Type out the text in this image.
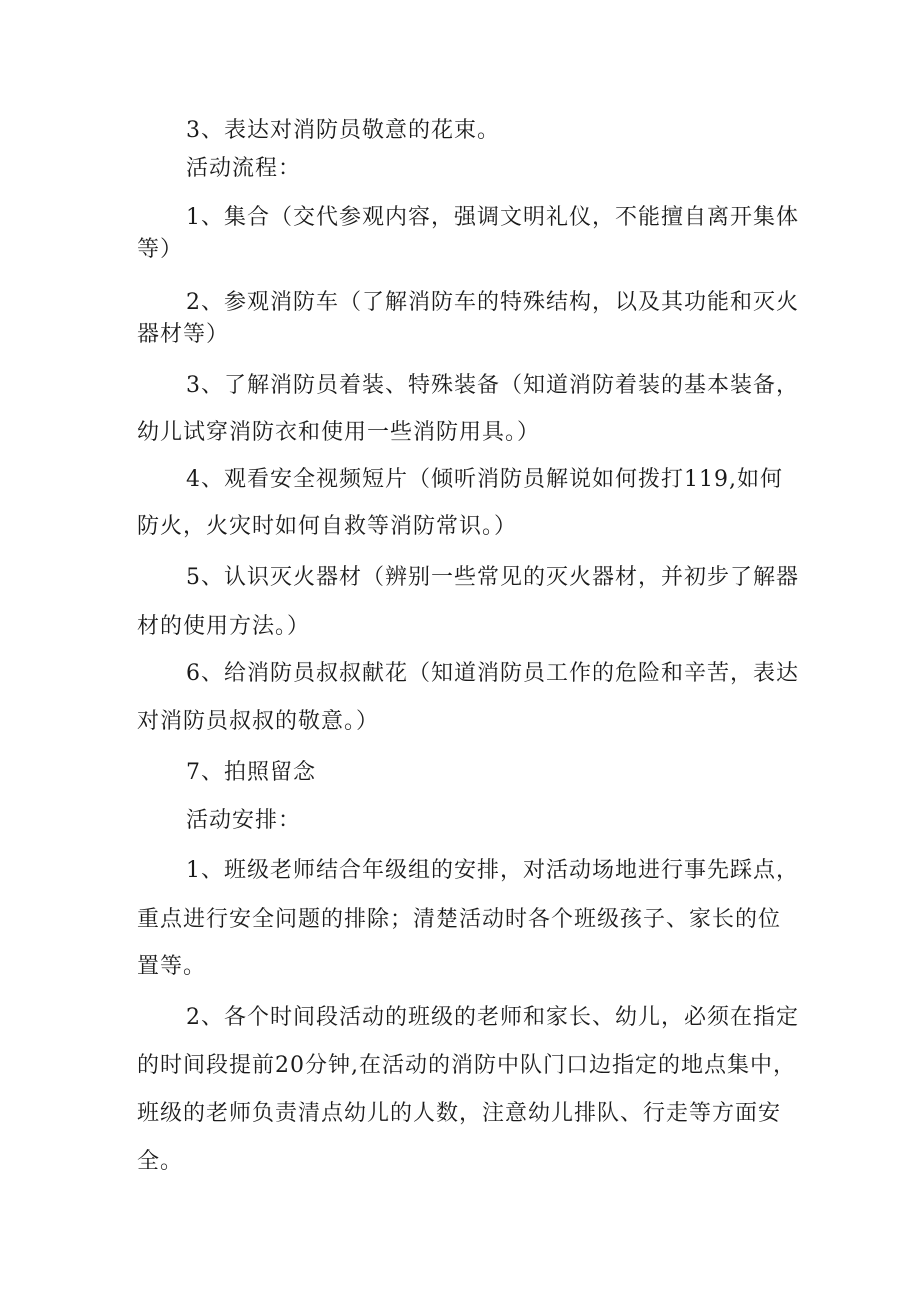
3、表达对消防员敬意的花束。
活动流程：
1、集合（交代参观内容，强调文明礼仪，不能擅自离开集体
等）
2、参观消防车（了解消防车的特殊结构，以及其功能和灭火
器材等）
3、了解消防员着装、特殊装备（知道消防着装的基本装备，
幼儿试穿消防衣和使用一些消防用具。）
4、观看安全视频短片（倾听消防员解说如何拨打119,如何
防火，火灾时如何自救等消防常识。）
5、认识灭火器材（辨别一些常见的灭火器材，并初步了解器
材的使用方法。）
6、给消防员叔叔献花（知道消防员工作的危险和辛苦，表达
对消防员叔叔的敬意。）
7、拍照留念
活动安排：
1、班级老师结合年级组的安排，对活动场地进行事先踩点，
重点进行安全问题的排除；清楚活动时各个班级孩子、家长的位
置等。
2、各个时间段活动的班级的老师和家长、幼儿，必须在指定
的时间段提前20分钟,在活动的消防中队门口边指定的地点集中，
班级的老师负责清点幼儿的人数，注意幼儿排队、行走等方面安
全。
